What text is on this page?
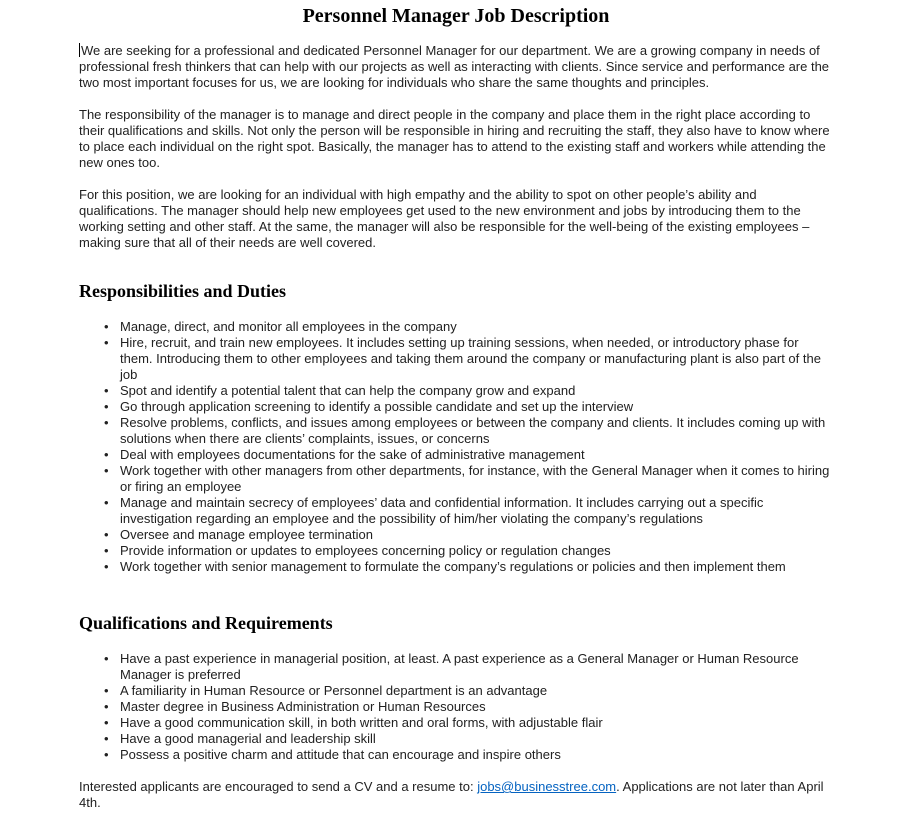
Personnel Manager Job Description

We are seeking for a professional and dedicated Personnel Manager for our department. We are a growing company in needs of professional fresh thinkers that can help with our projects as well as interacting with clients. Since service and performance are the two most important focuses for us, we are looking for individuals who share the same thoughts and principles.

The responsibility of the manager is to manage and direct people in the company and place them in the right place according to their qualifications and skills. Not only the person will be responsible in hiring and recruiting the staff, they also have to know where to place each individual on the right spot. Basically, the manager has to attend to the existing staff and workers while attending the new ones too.

For this position, we are looking for an individual with high empathy and the ability to spot on other people’s ability and qualifications. The manager should help new employees get used to the new environment and jobs by introducing them to the working setting and other staff. At the same, the manager will also be responsible for the well-being of the existing employees – making sure that all of their needs are well covered.

Responsibilities and Duties
• Manage, direct, and monitor all employees in the company
• Hire, recruit, and train new employees. It includes setting up training sessions, when needed, or introductory phase for them. Introducing them to other employees and taking them around the company or manufacturing plant is also part of the job
• Spot and identify a potential talent that can help the company grow and expand
• Go through application screening to identify a possible candidate and set up the interview
• Resolve problems, conflicts, and issues among employees or between the company and clients. It includes coming up with solutions when there are clients’ complaints, issues, or concerns
• Deal with employees documentations for the sake of administrative management
• Work together with other managers from other departments, for instance, with the General Manager when it comes to hiring or firing an employee
• Manage and maintain secrecy of employees’ data and confidential information. It includes carrying out a specific investigation regarding an employee and the possibility of him/her violating the company’s regulations
• Oversee and manage employee termination
• Provide information or updates to employees concerning policy or regulation changes
• Work together with senior management to formulate the company’s regulations or policies and then implement them
Qualifications and Requirements
• Have a past experience in managerial position, at least. A past experience as a General Manager or Human Resource Manager is preferred
• A familiarity in Human Resource or Personnel department is an advantage
• Master degree in Business Administration or Human Resources
• Have a good communication skill, in both written and oral forms, with adjustable flair
• Have a good managerial and leadership skill
• Possess a positive charm and attitude that can encourage and inspire others

Interested applicants are encouraged to send a CV and a resume to: jobs@businesstree.com. Applications are not later than April 4th.
